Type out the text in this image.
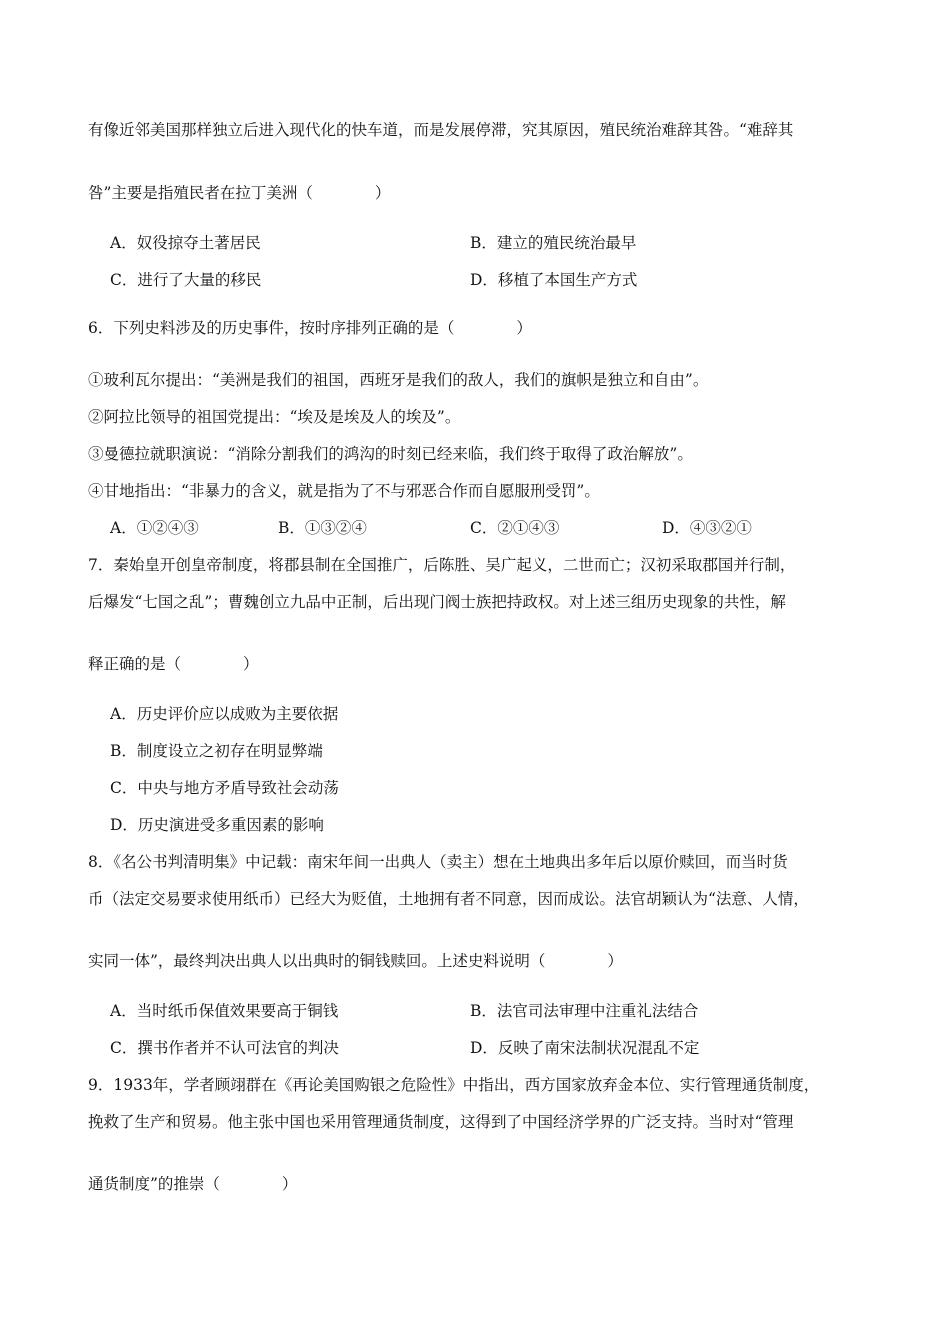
有像近邻美国那样独立后进入现代化的快车道，而是发展停滞，究其原因，殖民统治难辞其咎。“难辞其
咎”主要是指殖民者在拉丁美洲（　　　　）
A．奴役掠夺土著居民	B．建立的殖民统治最早
C．进行了大量的移民	D．移植了本国生产方式
6．下列史料涉及的历史事件，按时序排列正确的是（　　　　）
①玻利瓦尔提出：“美洲是我们的祖国，西班牙是我们的敌人，我们的旗帜是独立和自由”。
②阿拉比领导的祖国党提出：“埃及是埃及人的埃及”。
③曼德拉就职演说：“消除分割我们的鸿沟的时刻已经来临，我们终于取得了政治解放”。
④甘地指出：“非暴力的含义，就是指为了不与邪恶合作而自愿服刑受罚”。
A．①②④③	B．①③②④	C．②①④③	D．④③②①
7．秦始皇开创皇帝制度，将郡县制在全国推广，后陈胜、吴广起义，二世而亡；汉初采取郡国并行制，
后爆发“七国之乱”；曹魏创立九品中正制，后出现门阀士族把持政权。对上述三组历史现象的共性，解
释正确的是（　　　　）
A．历史评价应以成败为主要依据
B．制度设立之初存在明显弊端
C．中央与地方矛盾导致社会动荡
D．历史演进受多重因素的影响
8．《名公书判清明集》中记载：南宋年间一出典人（卖主）想在土地典出多年后以原价赎回，而当时货
币（法定交易要求使用纸币）已经大为贬值，土地拥有者不同意，因而成讼。法官胡颖认为“法意、人情，
实同一体”，最终判决出典人以出典时的铜钱赎回。上述史料说明（　　　　）
A．当时纸币保值效果要高于铜钱	B．法官司法审理中注重礼法结合
C．撰书作者并不认可法官的判决	D．反映了南宋法制状况混乱不定
9．1933年，学者顾翊群在《再论美国购银之危险性》中指出，西方国家放弃金本位、实行管理通货制度，
挽救了生产和贸易。他主张中国也采用管理通货制度，这得到了中国经济学界的广泛支持。当时对“管理
通货制度”的推崇（　　　　）
